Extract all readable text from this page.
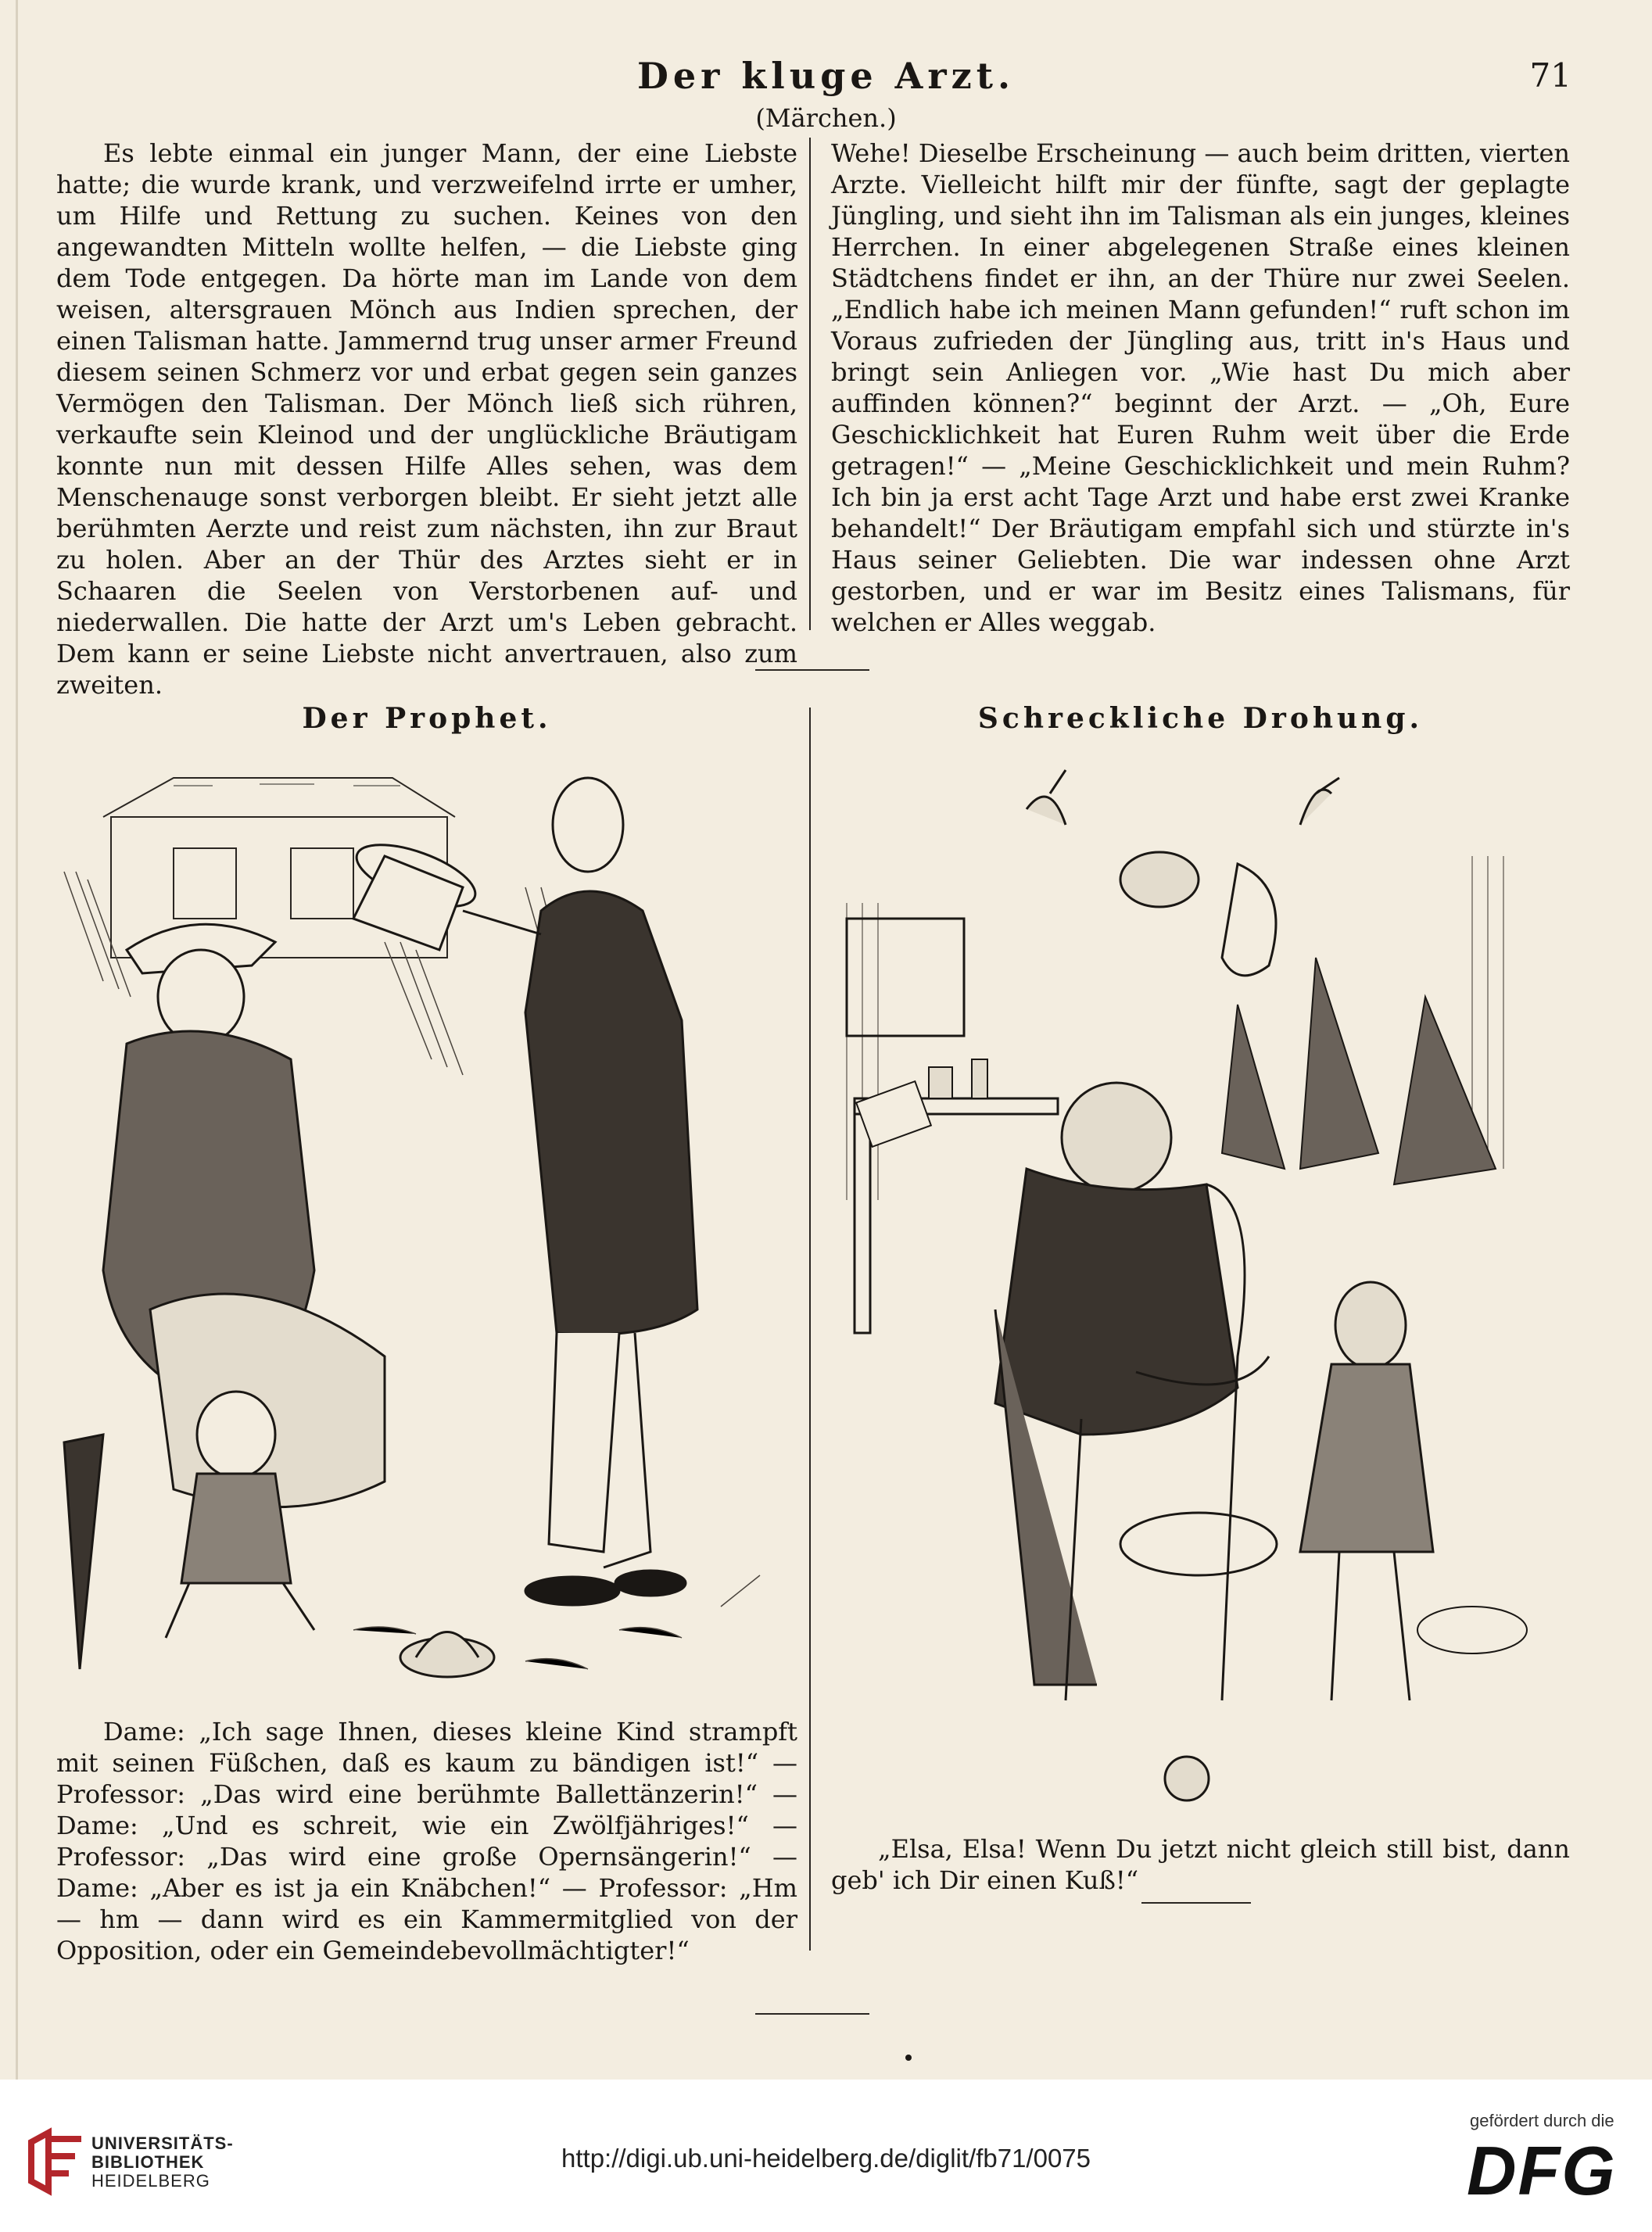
Der kluge Arzt.
(Märchen.)
71

Es lebte einmal ein junger Mann, der eine Liebste hatte; die wurde krank, und verzweifelnd irrte er umher, um Hilfe und Rettung zu suchen. Keines von den angewandten Mitteln wollte helfen, — die Liebste ging dem Tode entgegen. Da hörte man im Lande von dem weisen, altersgrauen Mönch aus Indien sprechen, der einen Talisman hatte. Jammernd trug unser armer Freund diesem seinen Schmerz vor und erbat gegen sein ganzes Vermögen den Talisman. Der Mönch ließ sich rühren, verkaufte sein Kleinod und der unglückliche Bräutigam konnte nun mit dessen Hilfe Alles sehen, was dem Menschenauge sonst verborgen bleibt. Er sieht jetzt alle berühmten Aerzte und reist zum nächsten, ihn zur Braut zu holen. Aber an der Thür des Arztes sieht er in Schaaren die Seelen von Verstorbenen auf- und niederwallen. Die hatte der Arzt um's Leben gebracht. Dem kann er seine Liebste nicht anvertrauen, also zum zweiten.

Wehe! Dieselbe Erscheinung — auch beim dritten, vierten Arzte. Vielleicht hilft mir der fünfte, sagt der geplagte Jüngling, und sieht ihn im Talisman als ein junges, kleines Herrchen. In einer abgelegenen Straße eines kleinen Städtchens findet er ihn, an der Thüre nur zwei Seelen. „Endlich habe ich meinen Mann gefunden!“ ruft schon im Voraus zufrieden der Jüngling aus, tritt in's Haus und bringt sein Anliegen vor. „Wie hast Du mich aber auffinden können?“ beginnt der Arzt. — „Oh, Eure Geschicklichkeit hat Euren Ruhm weit über die Erde getragen!“ — „Meine Geschicklichkeit und mein Ruhm? Ich bin ja erst acht Tage Arzt und habe erst zwei Kranke behandelt!“ Der Bräutigam empfahl sich und stürzte in's Haus seiner Geliebten. Die war indessen ohne Arzt gestorben, und er war im Besitz eines Talismans, für welchen er Alles weggab.

Der Prophet.	Schreckliche Drohung.

Dame: „Ich sage Ihnen, dieses kleine Kind strampft mit seinen Füßchen, daß es kaum zu bändigen ist!“ — Professor: „Das wird eine berühmte Ballettänzerin!“ — Dame: „Und es schreit, wie ein Zwölfjähriges!“ — Professor: „Das wird eine große Opernsängerin!“ — Dame: „Aber es ist ja ein Knäbchen!“ — Professor: „Hm — hm — dann wird es ein Kammermitglied von der Opposition, oder ein Gemeindebevollmächtigter!“

„Elsa, Elsa! Wenn Du jetzt nicht gleich still bist, dann geb' ich Dir einen Kuß!“

UNIVERSITÄTS-
BIBLIOTHEK
HEIDELBERG
http://digi.ub.uni-heidelberg.de/diglit/fb71/0075
gefördert durch die
DFG
